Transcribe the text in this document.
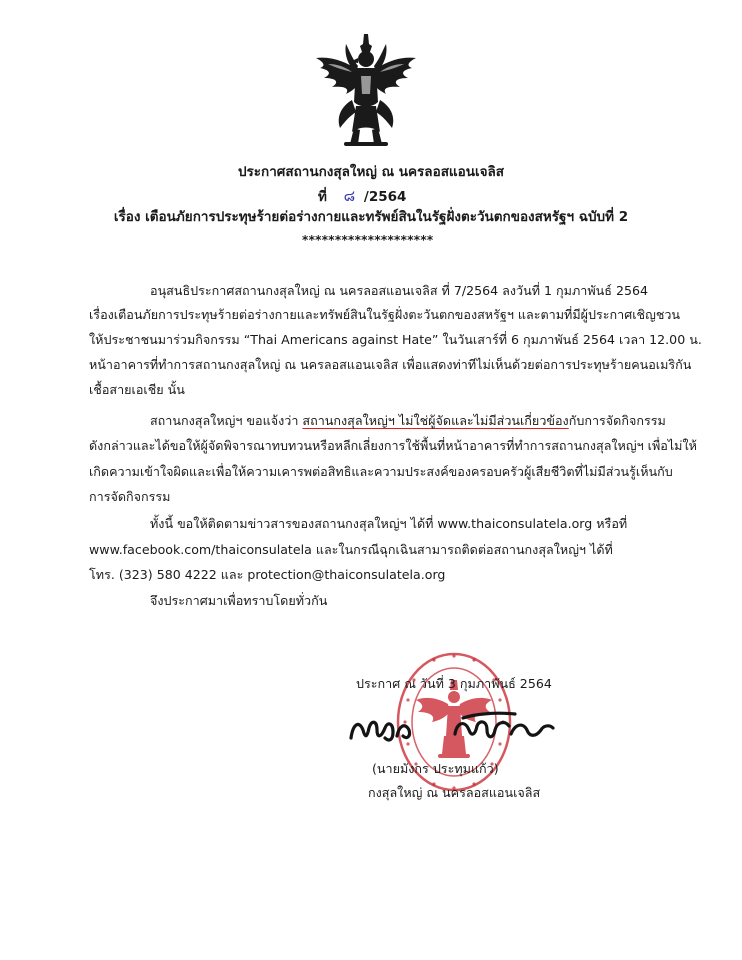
ประกาศสถานกงสุลใหญ่ ณ นครลอสแอนเจลิส
ที่ ๘ /2564
เรื่อง เตือนภัยการประทุษร้ายต่อร่างกายและทรัพย์สินในรัฐฝั่งตะวันตกของสหรัฐฯ ฉบับที่ 2
********************
อนุสนธิประกาศสถานกงสุลใหญ่ ณ นครลอสแอนเจลิส ที่ 7/2564 ลงวันที่ 1 กุมภาพันธ์ 2564
เรื่องเตือนภัยการประทุษร้ายต่อร่างกายและทรัพย์สินในรัฐฝั่งตะวันตกของสหรัฐฯ และตามที่มีผู้ประกาศเชิญชวน
ให้ประชาชนมาร่วมกิจกรรม “Thai Americans against Hate” ในวันเสาร์ที่ 6 กุมภาพันธ์ 2564 เวลา 12.00 น.
หน้าอาคารที่ทำการสถานกงสุลใหญ่ ณ นครลอสแอนเจลิส เพื่อแสดงท่าทีไม่เห็นด้วยต่อการประทุษร้ายคนอเมริกัน
เชื้อสายเอเชีย นั้น
สถานกงสุลใหญ่ฯ ขอแจ้งว่า สถานกงสุลใหญ่ฯ ไม่ใช่ผู้จัดและไม่มีส่วนเกี่ยวข้องกับการจัดกิจกรรม
ดังกล่าวและได้ขอให้ผู้จัดพิจารณาทบทวนหรือหลีกเลี่ยงการใช้พื้นที่หน้าอาคารที่ทำการสถานกงสุลใหญ่ฯ เพื่อไม่ให้
เกิดความเข้าใจผิดและเพื่อให้ความเคารพต่อสิทธิและความประสงค์ของครอบครัวผู้เสียชีวิตที่ไม่มีส่วนรู้เห็นกับ
การจัดกิจกรรม
ทั้งนี้ ขอให้ติดตามข่าวสารของสถานกงสุลใหญ่ฯ ได้ที่ www.thaiconsulatela.org หรือที่
www.facebook.com/thaiconsulatela และในกรณีฉุกเฉินสามารถติดต่อสถานกงสุลใหญ่ฯ ได้ที่
โทร. (323) 580 4222 และ protection@thaiconsulatela.org
จึงประกาศมาเพื่อทราบโดยทั่วกัน
ประกาศ ณ วันที่ 3 กุมภาพันธ์ 2564
(นายมังกร ประทุมแก้ว)
กงสุลใหญ่ ณ นครลอสแอนเจลิส
